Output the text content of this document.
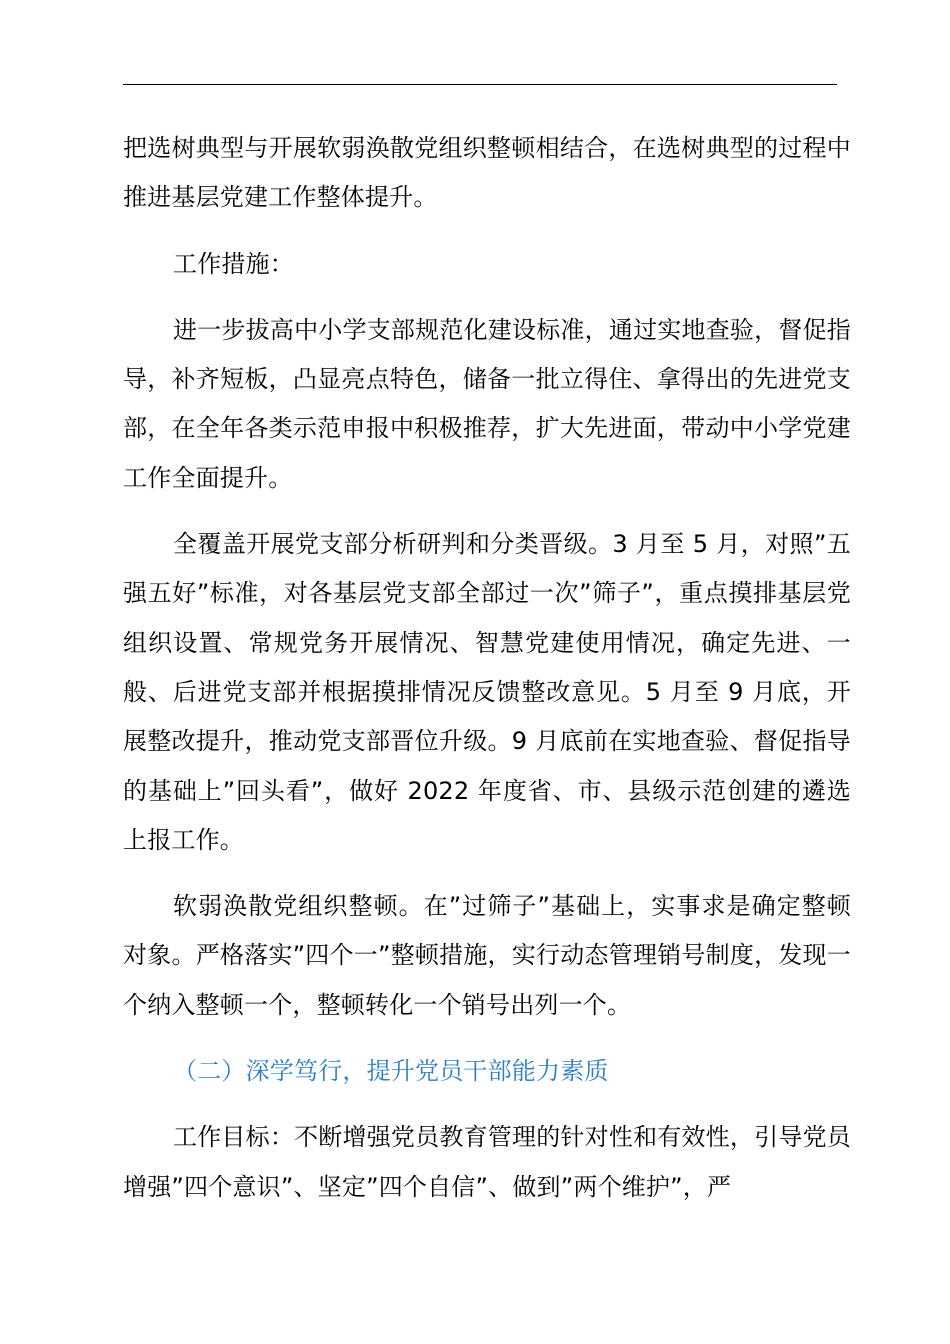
把选树典型与开展软弱涣散党组织整顿相结合，在选树典型的过程中推进基层党建工作整体提升。

工作措施：

进一步拔高中小学支部规范化建设标准，通过实地查验，督促指导，补齐短板，凸显亮点特色，储备一批立得住、拿得出的先进党支部，在全年各类示范申报中积极推荐，扩大先进面，带动中小学党建工作全面提升。

全覆盖开展党支部分析研判和分类晋级。3 月至 5 月，对照”五强五好”标准，对各基层党支部全部过一次”筛子”，重点摸排基层党组织设置、常规党务开展情况、智慧党建使用情况，确定先进、一般、后进党支部并根据摸排情况反馈整改意见。5 月至 9 月底，开展整改提升，推动党支部晋位升级。9 月底前在实地查验、督促指导的基础上”回头看”，做好 2022 年度省、市、县级示范创建的遴选上报工作。

软弱涣散党组织整顿。在”过筛子”基础上，实事求是确定整顿对象。严格落实”四个一”整顿措施，实行动态管理销号制度，发现一个纳入整顿一个，整顿转化一个销号出列一个。

（二）深学笃行，提升党员干部能力素质

工作目标：不断增强党员教育管理的针对性和有效性，引导党员增强”四个意识”、坚定”四个自信”、做到”两个维护”，严
